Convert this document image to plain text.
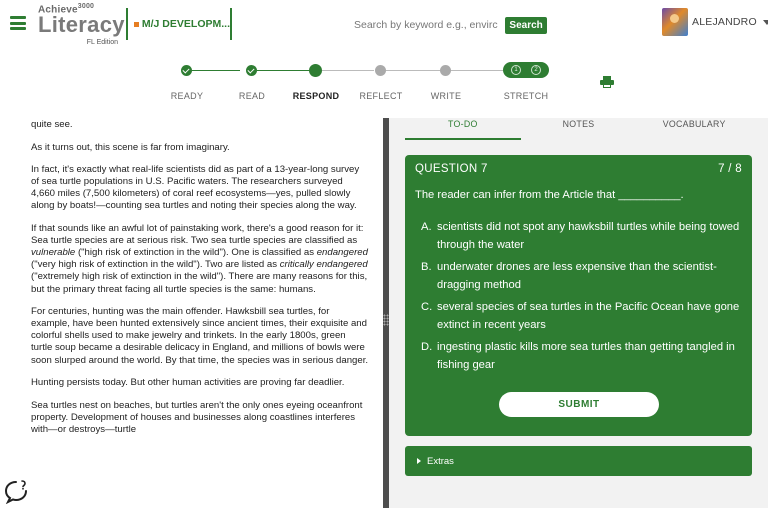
Achieve$^{3000}$
Literacy
FL Edition
M/J DEVELOPM...
Search by keyword e.g., envirc	Search	ALEJANDRO
1	2
READY	READ	RESPOND REFLECT	WRITE	STRETCH

quite see.

As it turns out, this scene is far from imaginary.

In fact, it's exactly what real-life scientists did as part of a 13-year-long survey of sea turtle populations in U.S. Pacific waters. The researchers surveyed 4,660 miles (7,500 kilometers) of coral reef ecosystems—yes, pulled slowly along by boats!—counting sea turtles and noting their species along the way.

If that sounds like an awful lot of painstaking work, there's a good reason for it: Sea turtle species are at serious risk. Two sea turtle species are classified as vulnerable ("high risk of extinction in the wild"). One is classified as endangered ("very high risk of extinction in the wild"). Two are listed as critically endangered ("extremely high risk of extinction in the wild"). There are many reasons for this, but the primary threat facing all turtle species is the same: humans.

For centuries, hunting was the main offender. Hawksbill sea turtles, for example, have been hunted extensively since ancient times, their exquisite and colorful shells used to make jewelry and trinkets. In the early 1800s, green turtle soup became a desirable delicacy in England, and millions of bowls were soon slurped around the world. By that time, the species was in serious danger.

Hunting persists today. But other human activities are proving far deadlier.

Sea turtles nest on beaches, but turtles aren't the only ones eyeing oceanfront property. Development of houses and businesses along coastlines interferes with—or destroys—turtle

TO-DO	NOTES	VOCABULARY
QUESTION 7	7 / 8
The reader can infer from the Article that __________.
A. scientists did not spot any hawksbill turtles while being towed through the water
B. underwater drones are less expensive than the scientist-dragging method
C. several species of sea turtles in the Pacific Ocean have gone extinct in recent years
D. ingesting plastic kills more sea turtles than getting tangled in fishing gear
SUBMIT
Extras
